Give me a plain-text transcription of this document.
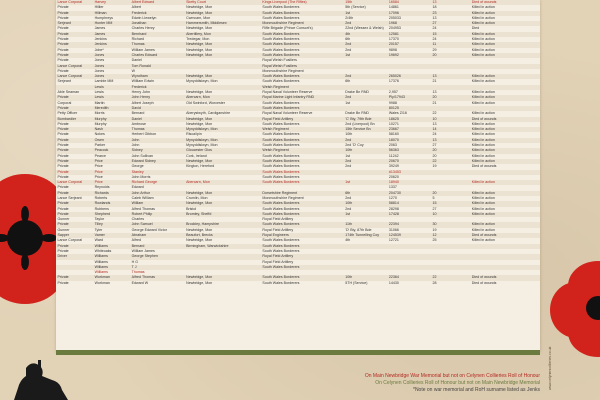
Lance Corporal	Harvey	Albert Edward	Sketty Court	Kings Liverpool (The Rifles)	15th	16584	13	Died of wounds
Private	Hillier	Albert	Newbridge, Mon	South Wales Borderers	5th (Service)	14861	18	Killed in action
Private	Hillman	Frederick	Newbridge, Mon	South Wales Borderers	1st	17096	23	Killed in action
Private	Humphreys	Edwin Llewelyn	Cwmcarn, Mon	South Wales Borderers	2/4th	205033	13	Killed in action
Serjeant	Hunter MM	Jonathan	Hammersmith, Middlesex	Monmouthshire Regiment	2nd	1968	27	Killed in action
Private	James	Charles Henry	Newbridge, Mon	Rifle Brigade (Prince Consort's)	22nd (Wessex & Welsh)	204953	24	Died
Private	James	Bernhard	Abertillery, Mon	South Wales Borderers	4th	12581	15	Killed in action
Private	Jenkins	Richard	Tredegar, Mon	South Wales Borderers	6th	17370	24	Killed in action
Private	Jenkins	Thomas	Newbridge, Mon	South Wales Borderers	2nd	20157	11	Killed in action
Private	Jobe*	William James	Newbridge, Mon	South Wales Borderers	2nd	9898	29	Killed in action
Private	Jones	Charles Edward	Newbridge, Mon	South Wales Borderers	1st	19692	20	Killed in action
Private	Jones	Daniel		Royal Welsh Fusiliers				
Lance Corporal	Jones	Tom Ronald		Royal Welsh Fusiliers				
Private	Jones	W		Monmouthshire Regiment				
Lance Corporal	Jones	Wyndham	Newbridge, Mon	South Wales Borderers	2nd	265026	13	Killed in action
Serjeant	Lamble MM	William Edwin	Mynyddislwyn, Mon	South Wales Borderers	6th	17376	21	Killed in action
	Lewis	Frederick		Welsh Regiment				
Able Seaman	Lewis	Henry John	Newbridge, Mon	Royal Naval Volunteer Reserve	Drake Bn RND	2,957	13	Killed in action
Private	Lewis	John Henry	Abercarn, Mon	Royal Marine Light Infantry RND	2nd	Ply/17943	20	Killed in action
Corporal	Martin	Albert Joseph	Old Swinford, Worcester	South Wales Borderers	1st	9988	21	Killed in action
Private	Meredith	David		South Wales Borderers		80125		
Petty Officer	Morris	Bernard	Aberystwyth, Cardiganshire	Royal Naval Volunteer Reserve	Drake Bn RND	Wales Z/16	22	Killed in action
Bombardier	Murphy	Daniel	Newbridge, Mon	Royal Field Artillery	'C' Bty, 79th Bde	18625	10	Died of wounds
Private	Murphy	Ambrose	Newbridge, Mon	South Wales Borderers	2nd (Liverpool) Bn	10271	13	Killed in action
Private	Nash	Thomas	Mynyddislwyn, Mon	Welsh Regiment	15th Service Bn	23667	14	Killed in action
Private	Nokes	Herbert Gibbon	Risca/ipin	South Wales Borderers	10th	58160	24	Killed in action
Private	Owen	John	Mynyddislwyn, Mon	South Wales Borderers	2nd	18070	13	Killed in action
Private	Parker	John	Mynyddislwyn, Mon	South Wales Borderers	2nd 'D' Coy	2063	27	Killed in action
Private	Peacock	Sidney	Gloucester Glos	Welsh Regiment	10th	56363	20	Killed in action
Private	Pearce	John Sullivan	Cork, Ireland	South Wales Borderers	1st	11242	20	Killed in action
Private	Price	Edward Sidney	Newbridge, Mon	South Wales Borderers	2nd	20670	22	Killed in action
Private	Price	George	Kington, Hereford	South Wales Borderers	2nd	39249	19	Died of wounds
Private	Price	Stanley		South Wales Borderers		#13453		
Private	Price	John Morris		South Wales Borderers		20620		
Lance Corporal	Price	Richard George	Abercarn, Mon	South Wales Borderers	1st	18940		Killed in action
Private	Reynolds	Edward				1337		
Private	Richards	John Arthur	Newbridge, Mon	Dorsetshire Regiment	6th	204730	20	Killed in action
Lance Serjeant	Roberts	Caleb William	Crumlin, Mon	Monmouthshire Regiment	2nd	1270	5	Killed in action
Private	Rowlands	William	Newbridge, Mon	South Wales Borderers	10th	58814	15	Killed in action
Private	Rubbens	Alfred Thomas	Bristol	South Wales Borderers	2nd	28298	27	Killed in action
Private	Shepherd	Robert Philip	Bromley, Sheffd	South Wales Borderers	1st	17428	10	Killed in action
Gunner	Taylor	Charles		Royal Field Artillery				
Private	Tilley	John Samuel	Brockley, Hampshire	South Wales Borderers	11th	22394	30	Killed in action
Gunner	Tyler	George Edward Victor	Newbridge, Mon	Royal Field Artillery	'D' Bty, 87th Bde	31066	19	Killed in action
Sapper	Vamer	Abraham	Beaufort, Brecks	Royal Engineers	174th Tunnelling Coy	124539	12	Died of wounds
Lance Corporal	Ward	Alfred	Newbridge, Mon	South Wales Borderers	4th	12721	25	Killed in action
Private	Williams	Bernard	Birmingham, Warwickshire	South Wales Borderers				
Private	Whiteoaks	William James		South Wales Borderers				
Driver	Williams	George Stephen		Royal Field Artillery				
	Williams	H G		Royal Field Artillery				
	Williams	T J		South Wales Borderers				
	Williams	Thomas						
Private	Workman	Alfred Thomas	Newbridge, Mon	South Wales Borderers	10th	22364	22	Died of wounds
Private	Workman	Edward W	Newbridge, Mon	South Wales Borderers	5TH (Service)	14430	28	Died of wounds
On Main Newbridge War Memorial but not on Celynen Collieries Roll of Honour
On Celynen Collieries Roll of Honour but not on Main Newbridge Memorial
*Note on war memorial and RoH surname listed as Jenks www.celynencollieries.co.uk
